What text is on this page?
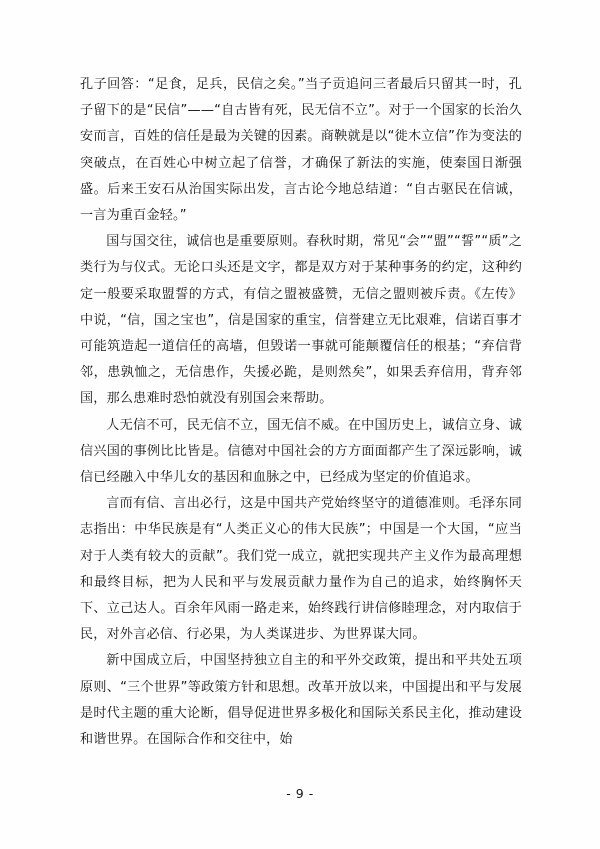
孔子回答：“足食，足兵，民信之矣。”当子贡追问三者最后只留其一时，孔子留下的是“民信”——“自古皆有死，民无信不立”。对于一个国家的长治久安而言，百姓的信任是最为关键的因素。商鞅就是以“徙木立信”作为变法的突破点，在百姓心中树立起了信誉，才确保了新法的实施，使秦国日渐强盛。后来王安石从治国实际出发，言古论今地总结道：“自古驱民在信诚，一言为重百金轻。”

国与国交往，诚信也是重要原则。春秋时期，常见“会”“盟”“誓”“质”之类行为与仪式。无论口头还是文字，都是双方对于某种事务的约定，这种约定一般要采取盟誓的方式，有信之盟被盛赞，无信之盟则被斥责。《左传》中说，“信，国之宝也”，信是国家的重宝，信誉建立无比艰难，信诺百事才可能筑造起一道信任的高墙，但毁诺一事就可能颠覆信任的根基；“弃信背邻，患孰恤之，无信患作，失援必跪，是则然矣”，如果丢弃信用，背弃邻国，那么患难时恐怕就没有别国会来帮助。

人无信不可，民无信不立，国无信不威。在中国历史上，诚信立身、诚信兴国的事例比比皆是。信德对中国社会的方方面面都产生了深远影响，诚信已经融入中华儿女的基因和血脉之中，已经成为坚定的价值追求。

言而有信、言出必行，这是中国共产党始终坚守的道德准则。毛泽东同志指出：中华民族是有“人类正义心的伟大民族”；中国是一个大国，“应当对于人类有较大的贡献”。我们党一成立，就把实现共产主义作为最高理想和最终目标，把为人民和平与发展贡献力量作为自己的追求，始终胸怀天下、立己达人。百余年风雨一路走来，始终践行讲信修睦理念，对内取信于民，对外言必信、行必果，为人类谋进步、为世界谋大同。

新中国成立后，中国坚持独立自主的和平外交政策，提出和平共处五项原则、“三个世界”等政策方针和思想。改革开放以来，中国提出和平与发展是时代主题的重大论断，倡导促进世界多极化和国际关系民主化，推动建设和谐世界。在国际合作和交往中，始

- 9 -
